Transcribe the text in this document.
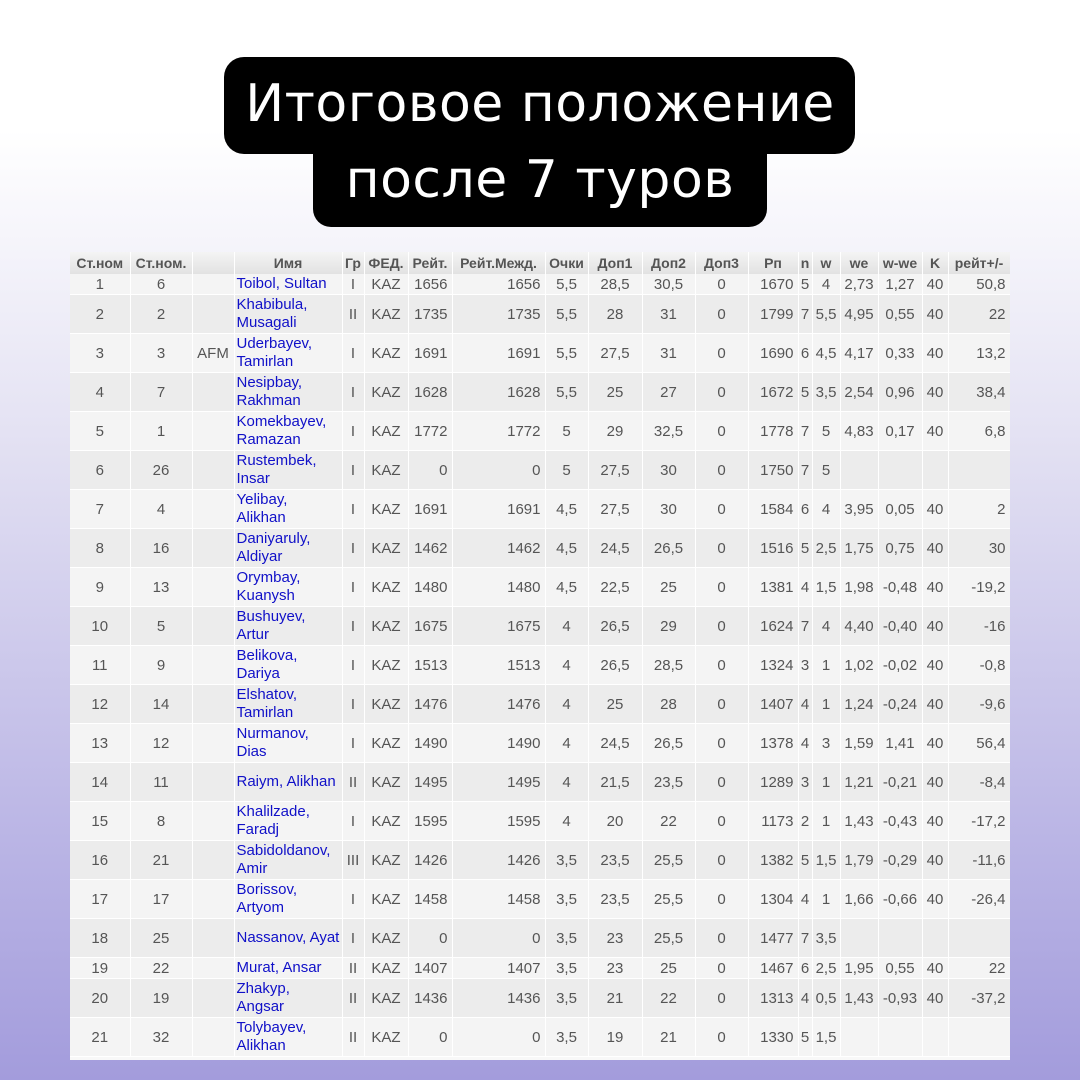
Итоговое положение
после 7 туров
Ст.ном	Ст.ном.		Имя	Гр	ФЕД.	Рейт.	Рейт.Межд.	Очки	Доп1	Доп2	Доп3	Рп	n	w	we	w-we	K	рейт+/-
1	6		Toibol, Sultan	I	KAZ	1656	1656	5,5	28,5	30,5	0	1670	5	4	2,73	1,27	40	50,8
2	2		Khabibula, Musagali	II	KAZ	1735	1735	5,5	28	31	0	1799	7	5,5	4,95	0,55	40	22
3	3	AFM	Uderbayev, Tamirlan	I	KAZ	1691	1691	5,5	27,5	31	0	1690	6	4,5	4,17	0,33	40	13,2
4	7		Nesipbay, Rakhman	I	KAZ	1628	1628	5,5	25	27	0	1672	5	3,5	2,54	0,96	40	38,4
5	1		Komekbayev, Ramazan	I	KAZ	1772	1772	5	29	32,5	0	1778	7	5	4,83	0,17	40	6,8
6	26		Rustembek, Insar	I	KAZ	0	0	5	27,5	30	0	1750	7	5				
7	4		Yelibay, Alikhan	I	KAZ	1691	1691	4,5	27,5	30	0	1584	6	4	3,95	0,05	40	2
8	16		Daniyaruly, Aldiyar	I	KAZ	1462	1462	4,5	24,5	26,5	0	1516	5	2,5	1,75	0,75	40	30
9	13		Orymbay, Kuanysh	I	KAZ	1480	1480	4,5	22,5	25	0	1381	4	1,5	1,98	-0,48	40	-19,2
10	5		Bushuyev, Artur	I	KAZ	1675	1675	4	26,5	29	0	1624	7	4	4,40	-0,40	40	-16
11	9		Belikova, Dariya	I	KAZ	1513	1513	4	26,5	28,5	0	1324	3	1	1,02	-0,02	40	-0,8
12	14		Elshatov, Tamirlan	I	KAZ	1476	1476	4	25	28	0	1407	4	1	1,24	-0,24	40	-9,6
13	12		Nurmanov, Dias	I	KAZ	1490	1490	4	24,5	26,5	0	1378	4	3	1,59	1,41	40	56,4
14	11		Raiym, Alikhan	II	KAZ	1495	1495	4	21,5	23,5	0	1289	3	1	1,21	-0,21	40	-8,4
15	8		Khalilzade, Faradj	I	KAZ	1595	1595	4	20	22	0	1173	2	1	1,43	-0,43	40	-17,2
16	21		Sabidoldanov, Amir	III	KAZ	1426	1426	3,5	23,5	25,5	0	1382	5	1,5	1,79	-0,29	40	-11,6
17	17		Borissov, Artyom	I	KAZ	1458	1458	3,5	23,5	25,5	0	1304	4	1	1,66	-0,66	40	-26,4
18	25		Nassanov, Ayat	I	KAZ	0	0	3,5	23	25,5	0	1477	7	3,5				
19	22		Murat, Ansar	II	KAZ	1407	1407	3,5	23	25	0	1467	6	2,5	1,95	0,55	40	22
20	19		Zhakyp, Angsar	II	KAZ	1436	1436	3,5	21	22	0	1313	4	0,5	1,43	-0,93	40	-37,2
21	32		Tolybayev, Alikhan	II	KAZ	0	0	3,5	19	21	0	1330	5	1,5				
